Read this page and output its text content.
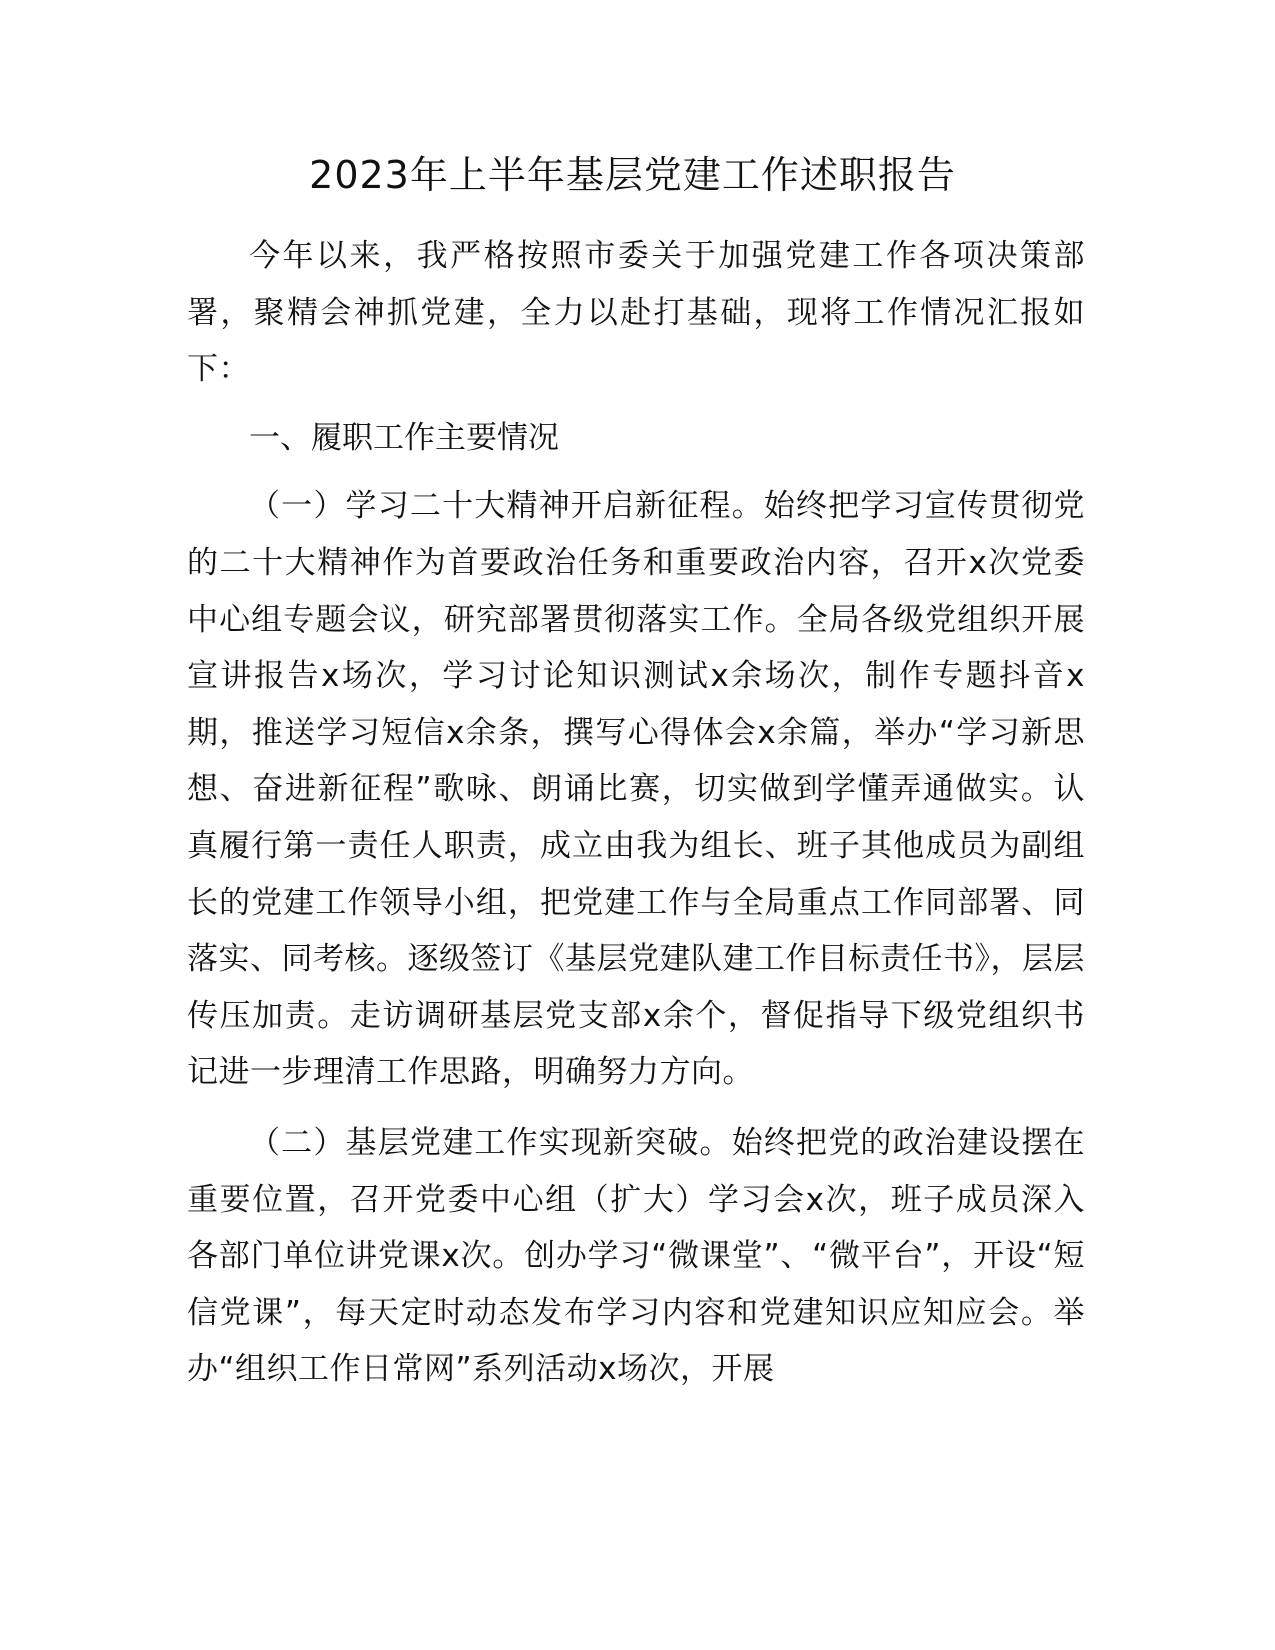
2023年上半年基层党建工作述职报告

今年以来，我严格按照市委关于加强党建工作各项决策部署，聚精会神抓党建，全力以赴打基础，现将工作情况汇报如下：

一、履职工作主要情况

（一）学习二十大精神开启新征程。始终把学习宣传贯彻党的二十大精神作为首要政治任务和重要政治内容，召开x次党委中心组专题会议，研究部署贯彻落实工作。全局各级党组织开展宣讲报告x场次，学习讨论知识测试x余场次，制作专题抖音x期，推送学习短信x余条，撰写心得体会x余篇，举办“学习新思想、奋进新征程”歌咏、朗诵比赛，切实做到学懂弄通做实。认真履行第一责任人职责，成立由我为组长、班子其他成员为副组长的党建工作领导小组，把党建工作与全局重点工作同部署、同落实、同考核。逐级签订《基层党建队建工作目标责任书》，层层传压加责。走访调研基层党支部x余个，督促指导下级党组织书记进一步理清工作思路，明确努力方向。

（二）基层党建工作实现新突破。始终把党的政治建设摆在重要位置，召开党委中心组（扩大）学习会x次，班子成员深入各部门单位讲党课x次。创办学习“微课堂”、“微平台”，开设“短信党课”，每天定时动态发布学习内容和党建知识应知应会。举办“组织工作日常网”系列活动x场次，开展
